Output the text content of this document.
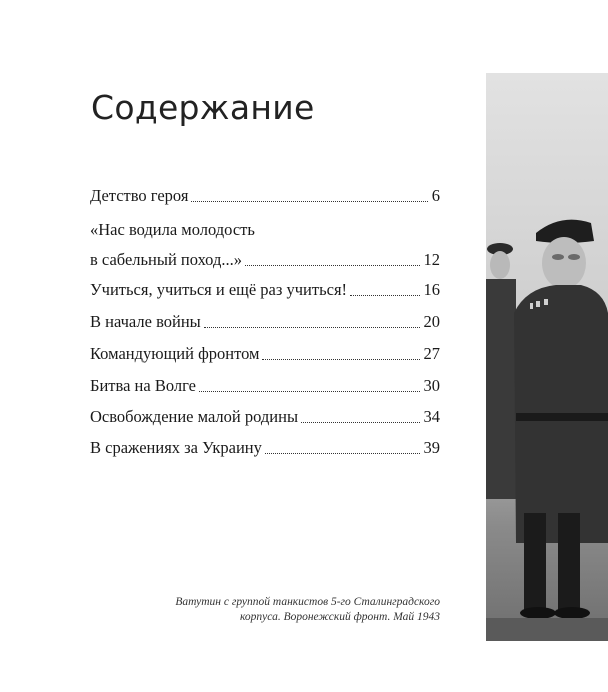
Содержание
Детство героя	6
«Нас водила молодость
в сабельный поход...»	12
Учиться, учиться и ещё раз учиться!	16
В начале войны	20
Командующий фронтом	27
Битва на Волге	30
Освобождение малой родины	34
В сражениях за Украину	39
Ватутин с группой танкистов 5-го Сталинградского
корпуса. Воронежский фронт. Май 1943
